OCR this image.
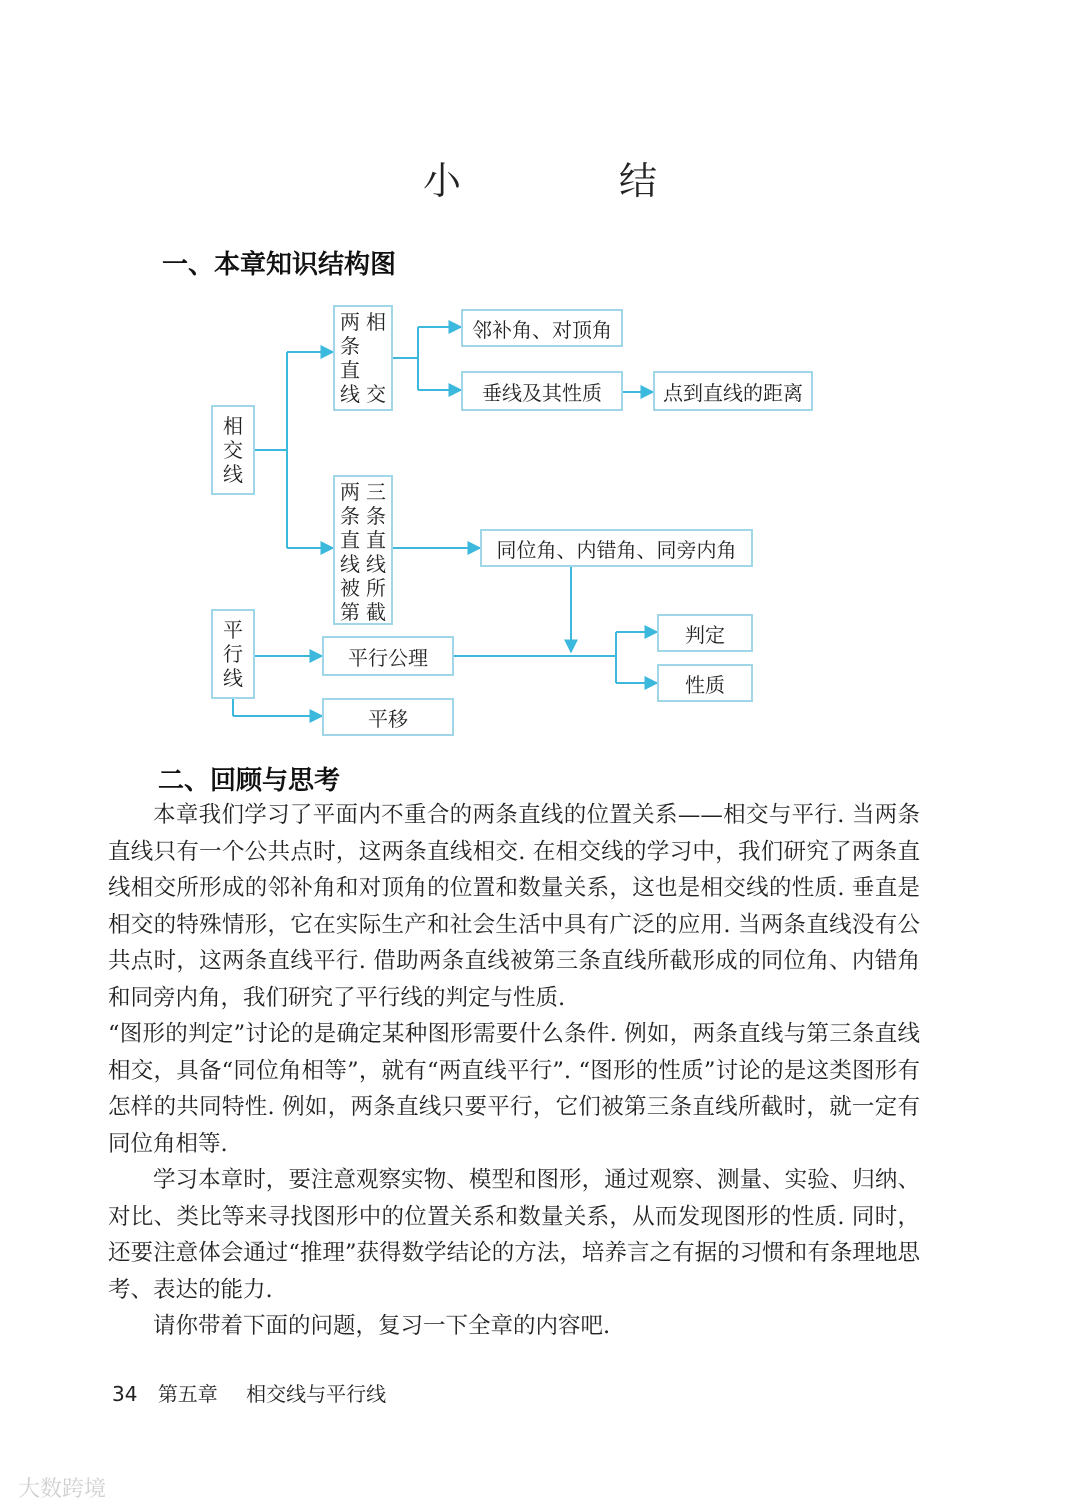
小　结
一、本章知识结构图
相
交
线
两
条
直
线
相

交
邻补角、对顶角
垂线及其性质	点到直线的距离
两
条
直
线
被
第
三
条
直
线
所
截
同位角、内错角、同旁内角
平
行
线
平行公理
判定
性质
平移
二、回顾与思考

本章我们学习了平面内不重合的两条直线的位置关系——相交与平行. 当两条直线只有一个公共点时，这两条直线相交. 在相交线的学习中，我们研究了两条直线相交所形成的邻补角和对顶角的位置和数量关系，这也是相交线的性质. 垂直是相交的特殊情形，它在实际生产和社会生活中具有广泛的应用. 当两条直线没有公共点时，这两条直线平行. 借助两条直线被第三条直线所截形成的同位角、内错角和同旁内角，我们研究了平行线的判定与性质.

“图形的判定”讨论的是确定某种图形需要什么条件. 例如，两条直线与第三条直线相交，具备“同位角相等”，就有“两直线平行”. “图形的性质”讨论的是这类图形有怎样的共同特性. 例如，两条直线只要平行，它们被第三条直线所截时，就一定有同位角相等.

学习本章时，要注意观察实物、模型和图形，通过观察、测量、实验、归纳、对比、类比等来寻找图形中的位置关系和数量关系，从而发现图形的性质. 同时，还要注意体会通过“推理”获得数学结论的方法，培养言之有据的习惯和有条理地思考、表达的能力.

请你带着下面的问题，复习一下全章的内容吧.

34 第五章 相交线与平行线
大数跨境
